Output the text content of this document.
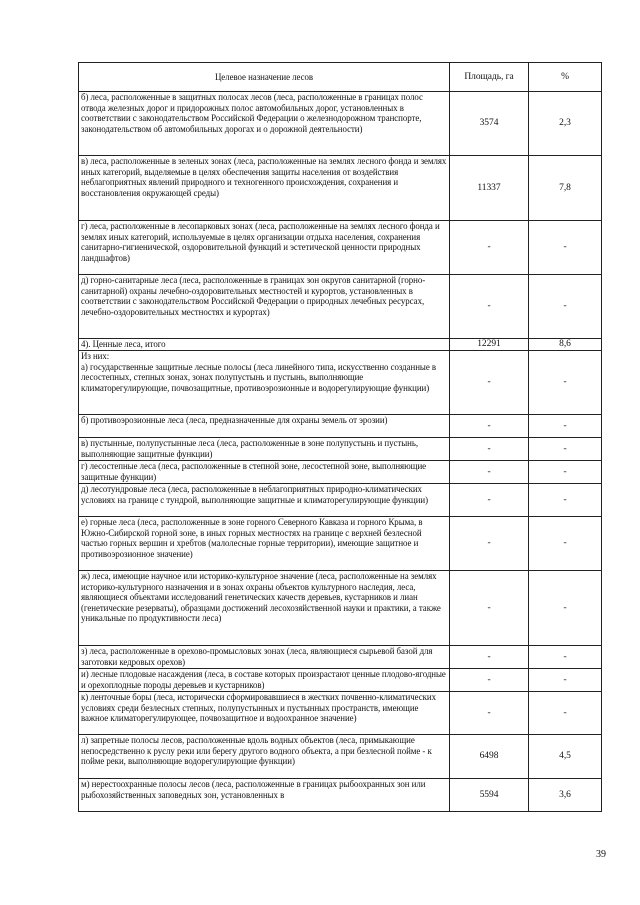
Целевое назначение лесов	Площадь, га	%
б) леса, расположенные в защитных полосах лесов (леса, расположенные в границах полос отвода железных дорог и придорожных полос автомобильных дорог, установленных в соответствии с законодательством Российской Федерации о железнодорожном транспорте, законодательством об автомобильных дорогах и о дорожной деятельности)	3574	2,3
в) леса, расположенные в зеленых зонах (леса, расположенные на землях лесного фонда и землях иных категорий, выделяемые в целях обеспечения защиты населения от воздействия неблагоприятных явлений природного и техногенного происхождения, сохранения и восстановления окружающей среды)	11337	7,8
г) леса, расположенные в лесопарковых зонах (леса, расположенные на землях лесного фонда и землях иных категорий, используемые в целях организации отдыха населения, сохранения санитарно-гигиенической, оздоровительной функций и эстетической ценности природных ландшафтов)	-	-
д) горно-санитарные леса (леса, расположенные в границах зон округов санитарной (горно-санитарной) охраны лечебно-оздоровительных местностей и курортов, установленных в соответствии с законодательством Российской Федерации о природных лечебных ресурсах, лечебно-оздоровительных местностях и курортах)	-	-
4). Ценные леса, итого	12291	8,6
Из них:
а) государственные защитные лесные полосы (леса линейного типа, искусственно созданные в лесостепных, степных зонах, зонах полупустынь и пустынь, выполняющие климаторегулирующие, почвозащитные, противоэрозионные и водорегулирующие функции)	-	-
б) противоэрозионные леса (леса, предназначенные для охраны земель от эрозии)	-	-
в) пустынные, полупустынные леса (леса, расположенные в зоне полупустынь и пустынь, выполняющие защитные функции)	-	-
г) лесостепные леса (леса, расположенные в степной зоне, лесостепной зоне, выполняющие защитные функции)	-	-
д) лесотундровые леса (леса, расположенные в неблагоприятных природно-климатических условиях на границе с тундрой, выполняющие защитные и климаторегулирующие функции)	-	-
е) горные леса (леса, расположенные в зоне горного Северного Кавказа и горного Крыма, в Южно-Сибирской горной зоне, в иных горных местностях на границе с верхней безлесной частью горных вершин и хребтов (малолесные горные территории), имеющие защитное и противоэрозионное значение)	-	-
ж) леса, имеющие научное или историко-культурное значение (леса, расположенные на землях историко-культурного назначения и в зонах охраны объектов культурного наследия, леса, являющиеся объектами исследований генетических качеств деревьев, кустарников и лиан (генетические резерваты), образцами достижений лесохозяйственной науки и практики, а также уникальные по продуктивности леса)	-	-
з) леса, расположенные в орехово-промысловых зонах (леса, являющиеся сырьевой базой для заготовки кедровых орехов)	-	-
и) лесные плодовые насаждения (леса, в составе которых произрастают ценные плодово-ягодные и орехоплодные породы деревьев и кустарников)	-	-
к) ленточные боры (леса, исторически сформировавшиеся в жестких почвенно-климатических условиях среди безлесных степных, полупустынных и пустынных пространств, имеющие важное климаторегулирующее, почвозащитное и водоохранное значение)	-	-
л) запретные полосы лесов, расположенные вдоль водных объектов (леса, примыкающие непосредственно к руслу реки или берегу другого водного объекта, а при безлесной пойме - к пойме реки, выполняющие водорегулирующие функции)	6498	4,5
м) нерестоохранные полосы лесов (леса, расположенные в границах рыбоохранных зон или рыбохозяйственных заповедных зон, установленных в	5594	3,6
39
